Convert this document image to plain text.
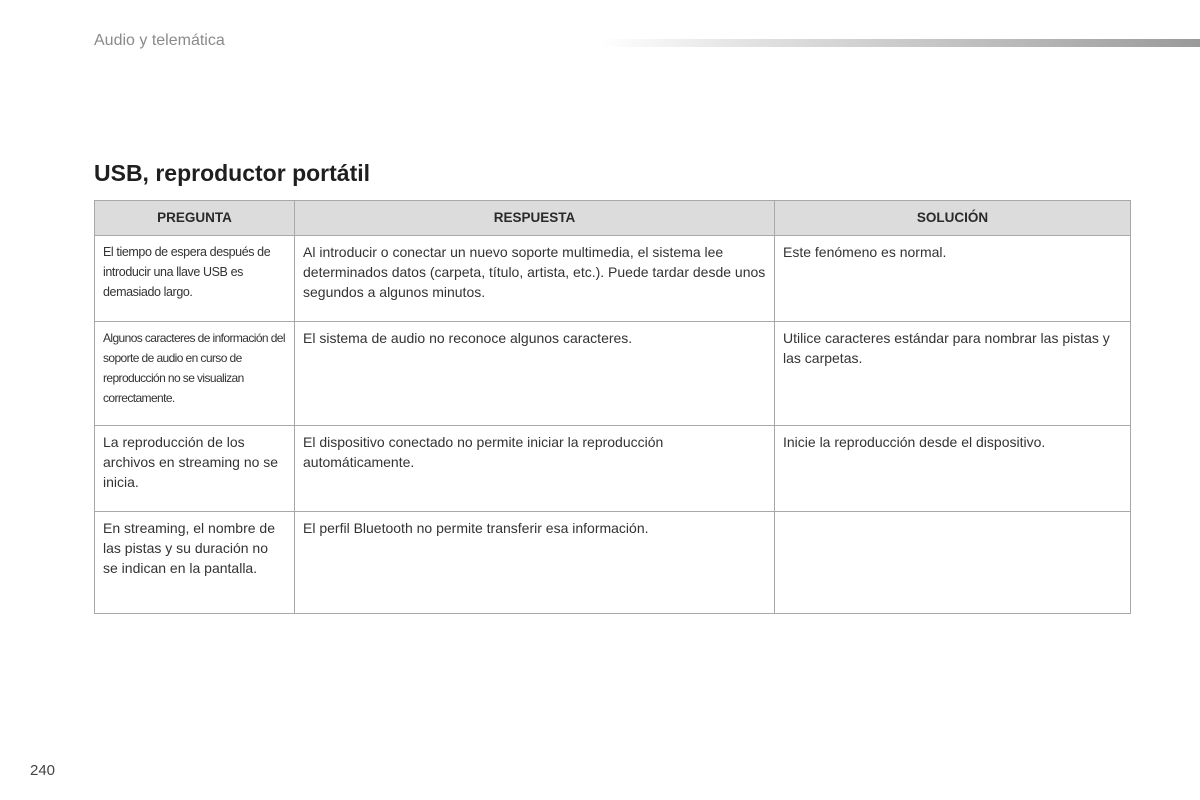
Audio y telemática
USB, reproductor portátil
PREGUNTA	RESPUESTA	SOLUCIÓN
El tiempo de espera después de introducir una llave USB es demasiado largo.	Al introducir o conectar un nuevo soporte multimedia, el sistema lee determinados datos (carpeta, título, artista, etc.). Puede tardar desde unos segundos a algunos minutos.	Este fenómeno es normal.
Algunos caracteres de información del soporte de audio en curso de reproducción no se visualizan correctamente.	El sistema de audio no reconoce algunos caracteres.	Utilice caracteres estándar para nombrar las pistas y las carpetas.
La reproducción de los archivos en streaming no se inicia.	El dispositivo conectado no permite iniciar la reproducción automáticamente.	Inicie la reproducción desde el dispositivo.
En streaming, el nombre de las pistas y su duración no se indican en la pantalla.	El perfil Bluetooth no permite transferir esa información.	
240
